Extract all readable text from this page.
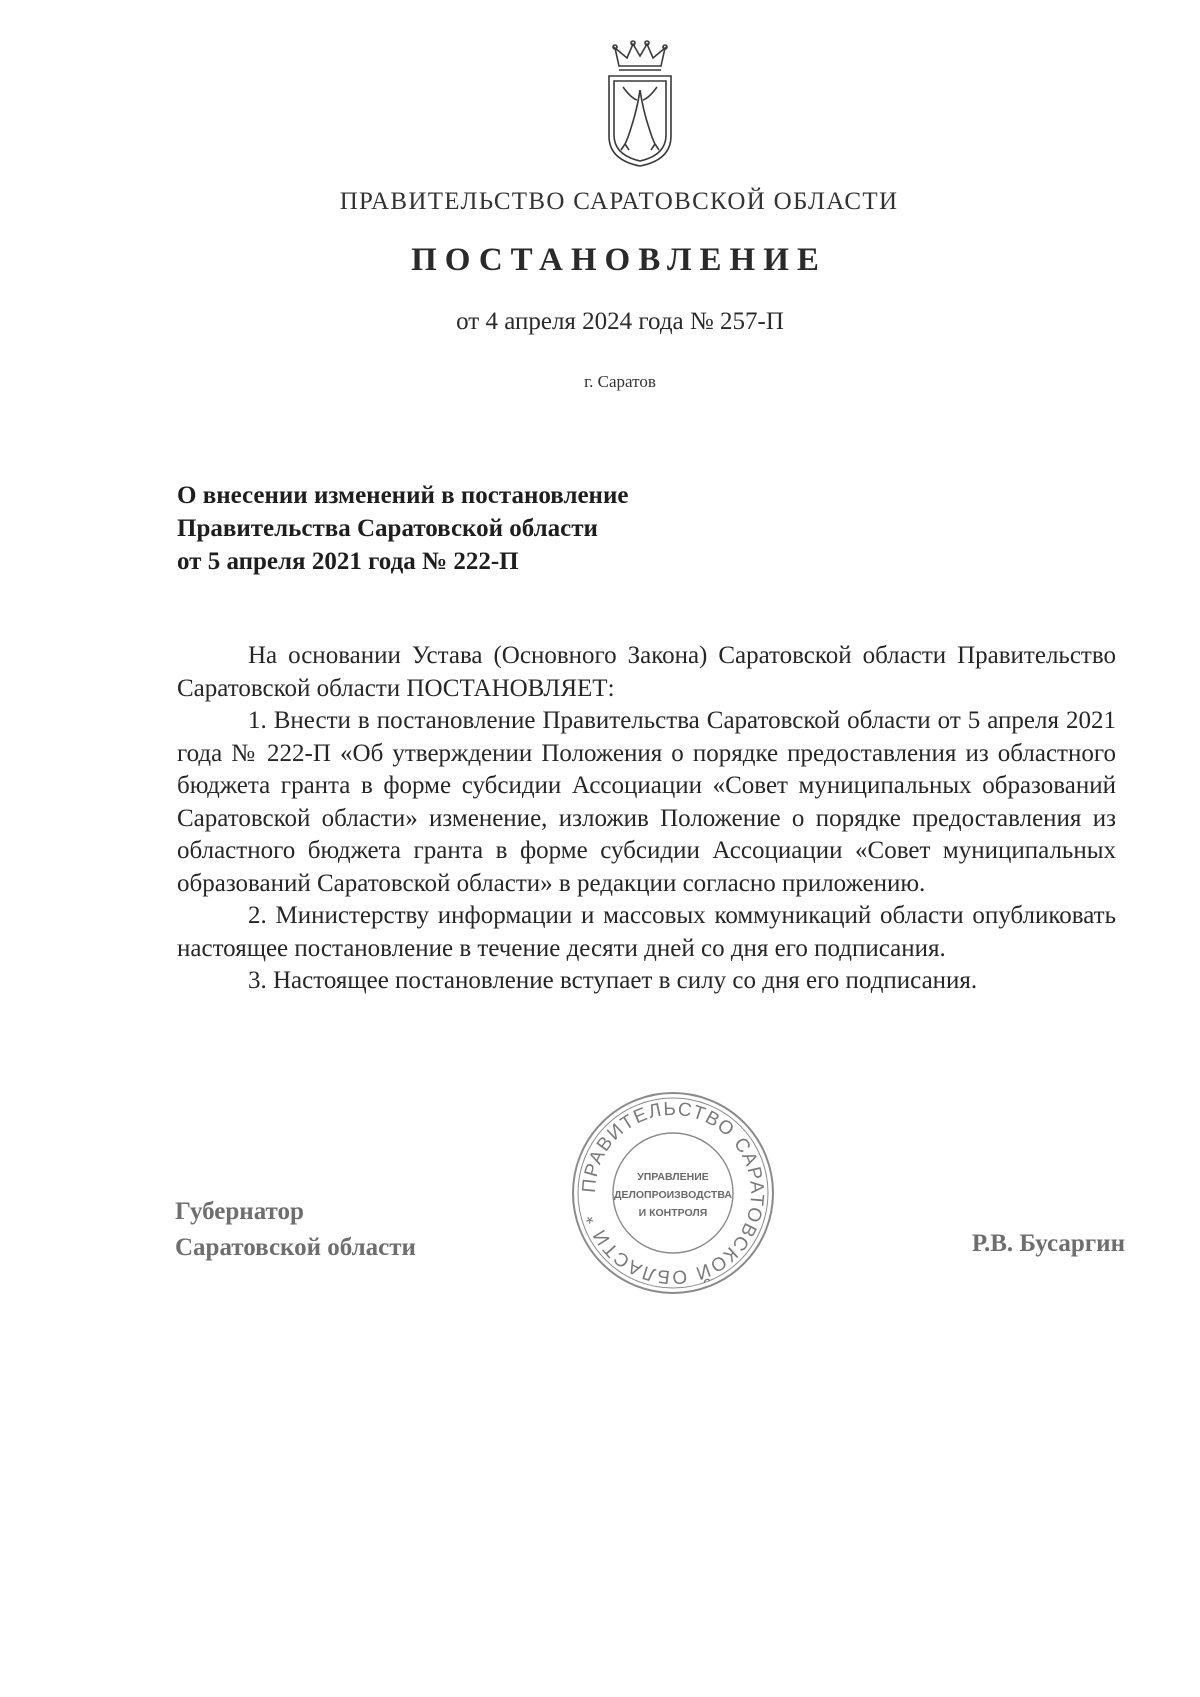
ПРАВИТЕЛЬСТВО САРАТОВСКОЙ ОБЛАСТИ
ПОСТАНОВЛЕНИЕ
от 4 апреля 2024 года № 257-П
г. Саратов
О внесении изменений в постановление
Правительства Саратовской области
от 5 апреля 2021 года № 222-П

На основании Устава (Основного Закона) Саратовской области Правительство Саратовской области ПОСТАНОВЛЯЕТ:

1. Внести в постановление Правительства Саратовской области от 5 апреля 2021 года № 222-П «Об утверждении Положения о порядке предоставления из областного бюджета гранта в форме субсидии Ассоциации «Совет муниципальных образований Саратовской области» изменение, изложив Положение о порядке предоставления из областного бюджета гранта в форме субсидии Ассоциации «Совет муниципальных образований Саратовской области» в редакции согласно приложению.

2. Министерству информации и массовых коммуникаций области опубликовать настоящее постановление в течение десяти дней со дня его подписания.

3. Настоящее постановление вступает в силу со дня его подписания.

Губернатор
Саратовской области
ПРАВИТЕЛЬСТВО САРАТОВСКОЙ ОБЛАСТИ *
УПРАВЛЕНИЕ
ДЕЛОПРОИЗВОДСТВА
И КОНТРОЛЯ
Р.В. Бусаргин
